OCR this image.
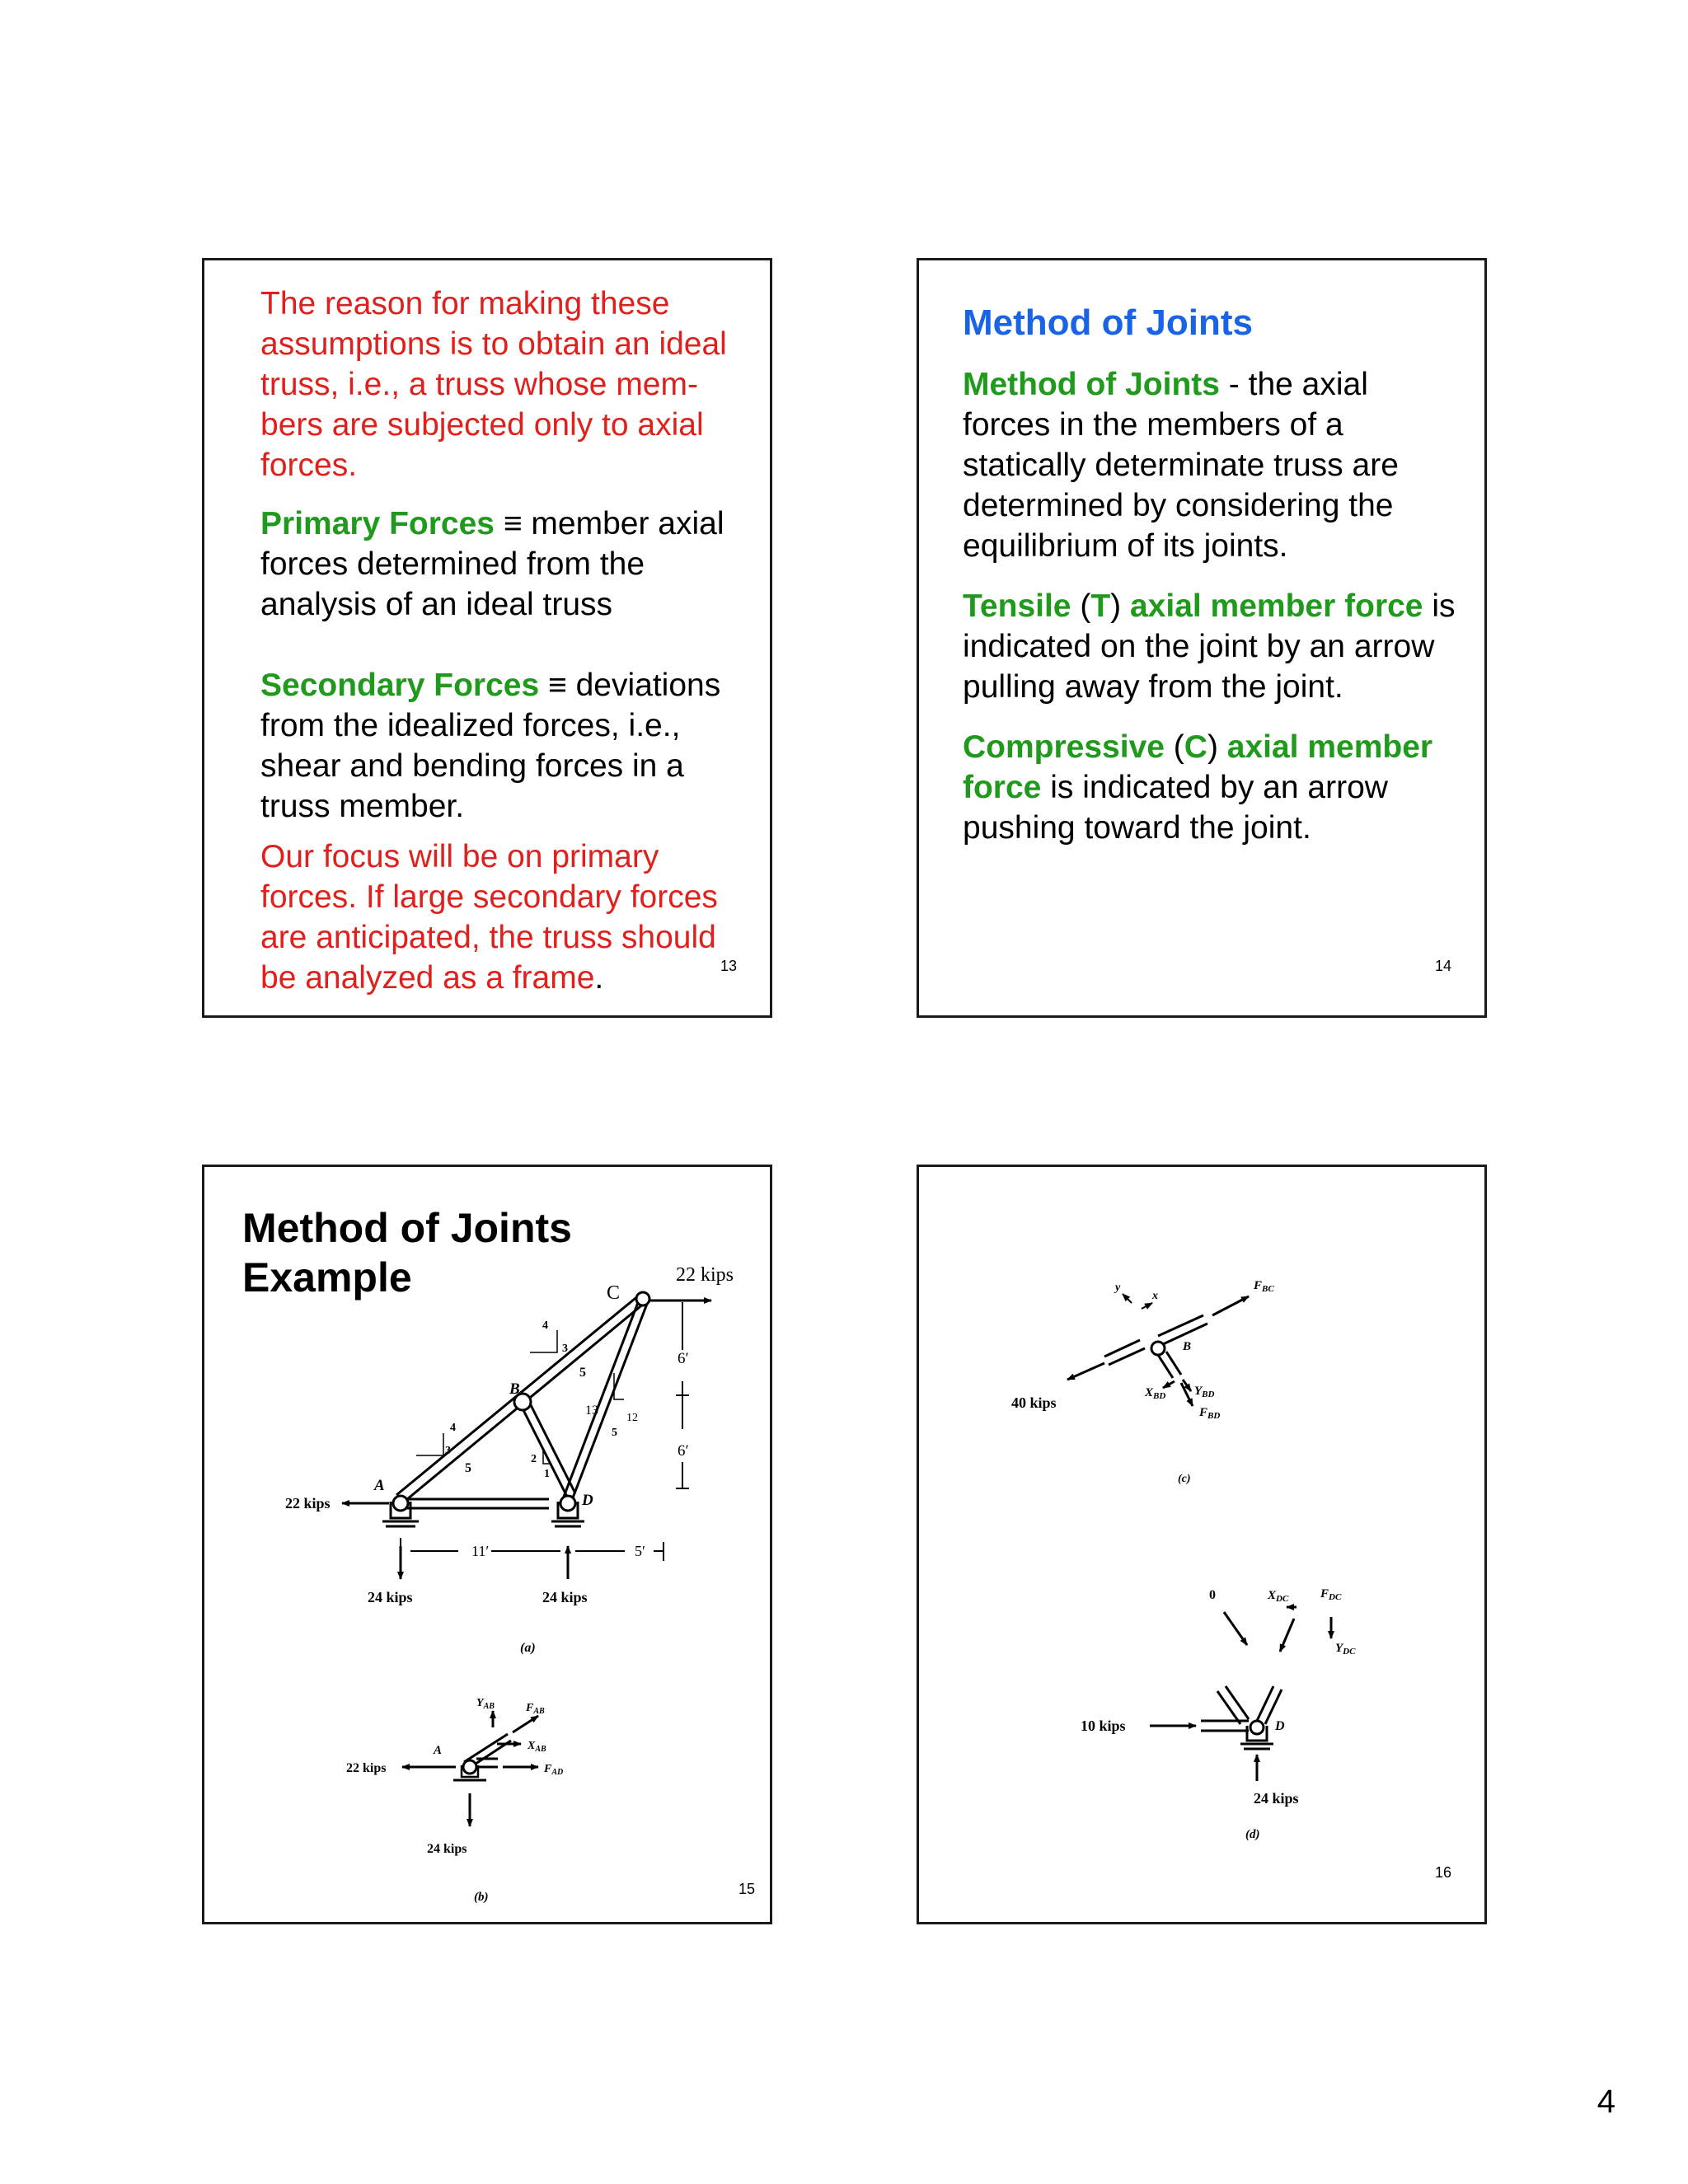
The reason for making these
assumptions is to obtain an ideal
truss, i.e., a truss whose mem-
bers are subjected only to axial
forces.

Primary Forces ≡ member axial
forces determined from the
analysis of an ideal truss

Secondary Forces ≡ deviations
from the idealized forces, i.e.,
shear and bending forces in a
truss member.

Our focus will be on primary
forces. If large secondary forces
are anticipated, the truss should
be analyzed as a frame.	13

Method of Joints

Method of Joints - the axial
forces in the members of a
statically determinate truss are
determined by considering the
equilibrium of its joints.

Tensile (T) axial member force is
indicated on the joint by an arrow
pulling away from the joint.

Compressive (C) axial member
force is indicated by an arrow
pushing toward the joint.

14
Method of Joints
Example	22 kips
C
B
A
D
6′
6′
11′	5′
4
3
5
4
3
5
2
1
13
12
5
22 kips
24 kips	24 kips
(a)
$Y_{AB}$	$F_{AB}$
$X_{AB}$
$F_{AD}$
A
22 kips
24 kips
(b)	15
$F_{BC}$
y
x
B
40 kips
$X_{BD}$ $Y_{BD}$
$F_{BD}$
(c)
0	$X_{DC}$	$F_{DC}$
$Y_{DC}$
10 kips	D
24 kips
(d)
16
4
